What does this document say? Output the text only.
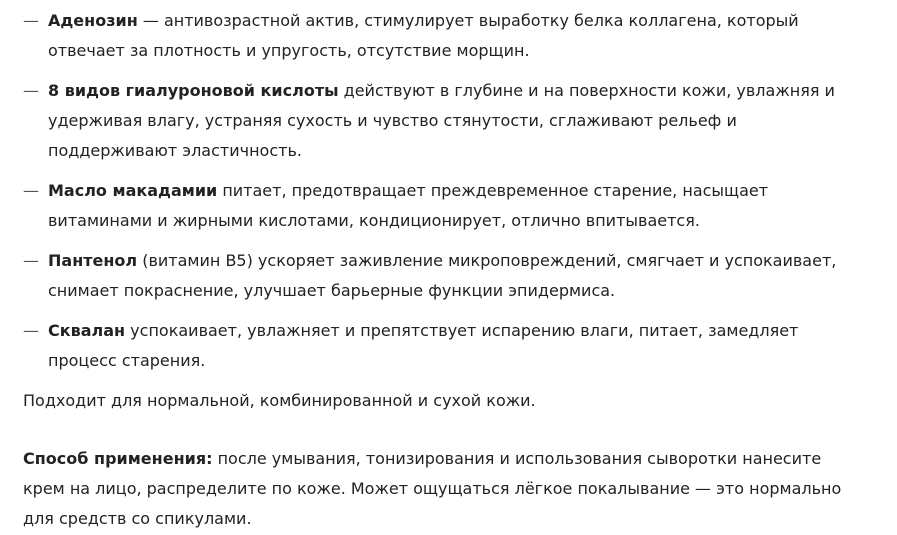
— Аденозин — антивозрастной актив, стимулирует выработку белка коллагена, который отвечает за плотность и упругость, отсутствие морщин.
— 8 видов гиалуроновой кислоты действуют в глубине и на поверхности кожи, увлажняя и удерживая влагу, устраняя сухость и чувство стянутости, сглаживают рельеф и поддерживают эластичность.
— Масло макадамии питает, предотвращает преждевременное старение, насыщает витаминами и жирными кислотами, кондиционирует, отлично впитывается.
— Пантенол (витамин B5) ускоряет заживление микроповреждений, смягчает и успокаивает, снимает покраснение, улучшает барьерные функции эпидермиса.
— Сквалан успокаивает, увлажняет и препятствует испарению влаги, питает, замедляет процесс старения.

Подходит для нормальной, комбинированной и сухой кожи.

Способ применения: после умывания, тонизирования и использования сыворотки нанесите крем на лицо, распределите по коже. Может ощущаться лёгкое покалывание — это нормально для средств со спикулами.
